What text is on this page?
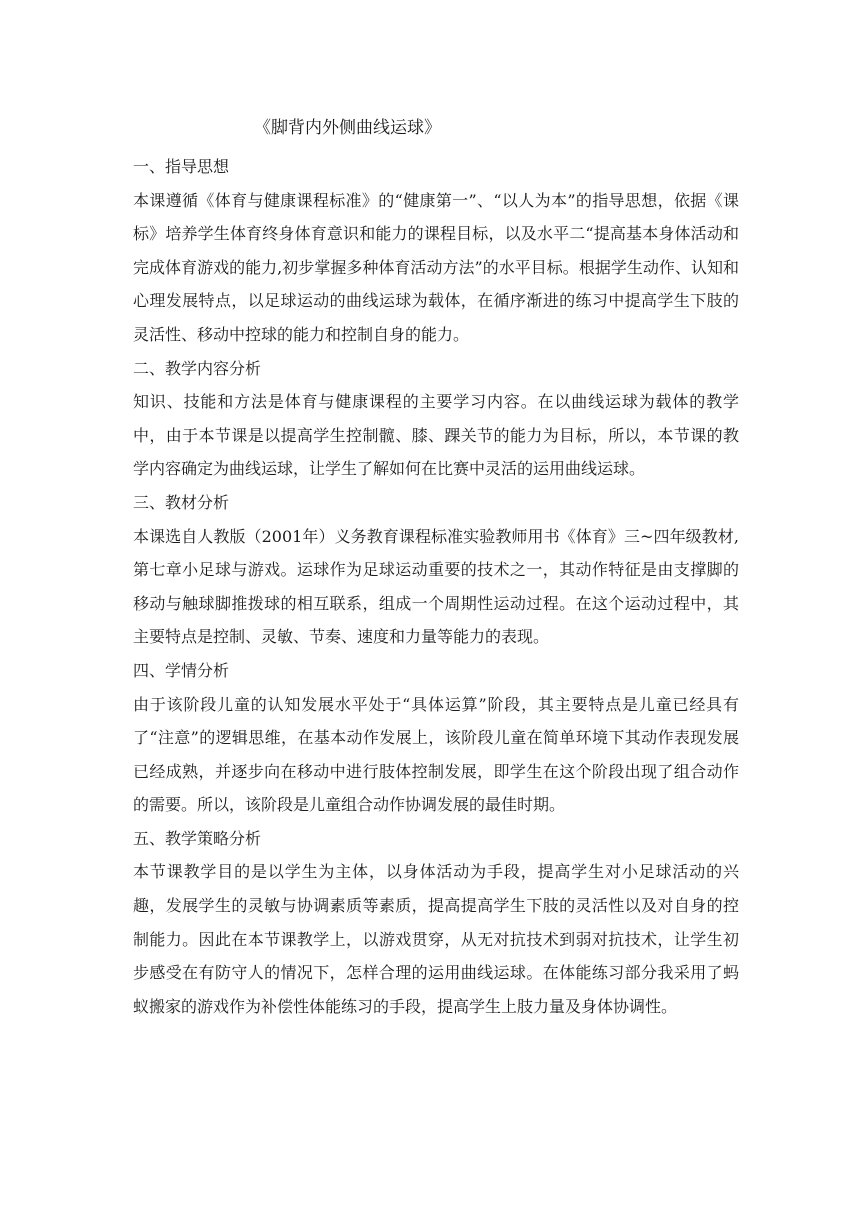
《脚背内外侧曲线运球》

一、指导思想

本课遵循《体育与健康课程标准》的“健康第一”、“以人为本”的指导思想，依据《课标》培养学生体育终身体育意识和能力的课程目标，以及水平二“提高基本身体活动和完成体育游戏的能力,初步掌握多种体育活动方法”的水平目标。根据学生动作、认知和心理发展特点，以足球运动的曲线运球为载体，在循序渐进的练习中提高学生下肢的灵活性、移动中控球的能力和控制自身的能力。

二、教学内容分析

知识、技能和方法是体育与健康课程的主要学习内容。在以曲线运球为载体的教学中，由于本节课是以提高学生控制髋、膝、踝关节的能力为目标，所以，本节课的教学内容确定为曲线运球，让学生了解如何在比赛中灵活的运用曲线运球。

三、教材分析

本课选自人教版（2001年）义务教育课程标准实验教师用书《体育》三~四年级教材,第七章小足球与游戏。运球作为足球运动重要的技术之一，其动作特征是由支撑脚的移动与触球脚推拨球的相互联系，组成一个周期性运动过程。在这个运动过程中，其主要特点是控制、灵敏、节奏、速度和力量等能力的表现。

四、学情分析

由于该阶段儿童的认知发展水平处于“具体运算”阶段，其主要特点是儿童已经具有了“注意”的逻辑思维，在基本动作发展上，该阶段儿童在简单环境下其动作表现发展已经成熟，并逐步向在移动中进行肢体控制发展，即学生在这个阶段出现了组合动作的需要。所以，该阶段是儿童组合动作协调发展的最佳时期。

五、教学策略分析

本节课教学目的是以学生为主体，以身体活动为手段，提高学生对小足球活动的兴趣，发展学生的灵敏与协调素质等素质，提高提高学生下肢的灵活性以及对自身的控制能力。因此在本节课教学上，以游戏贯穿，从无对抗技术到弱对抗技术，让学生初步感受在有防守人的情况下，怎样合理的运用曲线运球。在体能练习部分我采用了蚂蚁搬家的游戏作为补偿性体能练习的手段，提高学生上肢力量及身体协调性。
